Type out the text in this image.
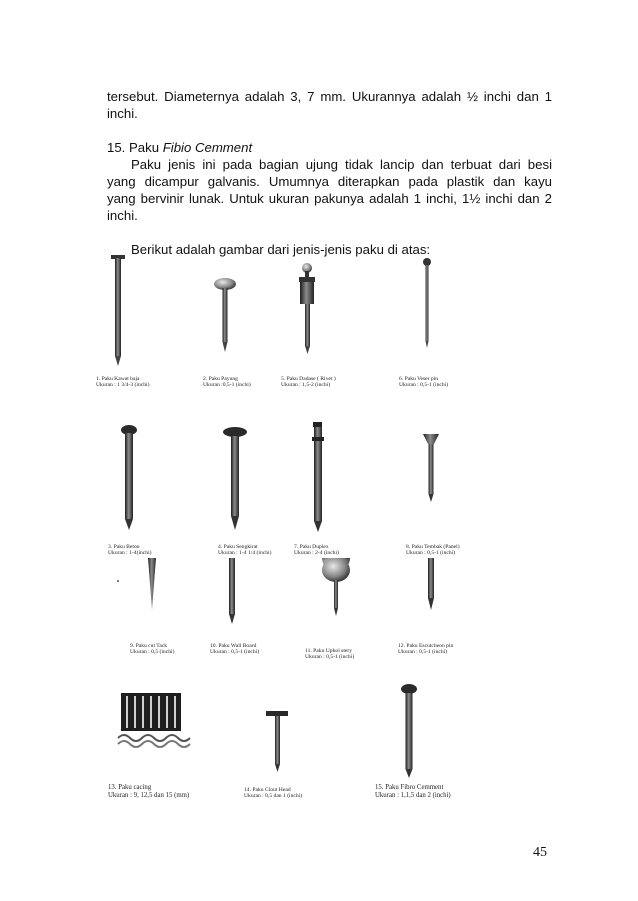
tersebut. Diameternya adalah 3, 7 mm. Ukurannya adalah ½ inchi dan 1

inchi.

15. Paku Fibio Cemment

Paku jenis ini pada bagian ujung tidak lancip dan terbuat dari besi

yang dicampur galvanis. Umumnya diterapkan pada plastik dan kayu

yang bervinir lunak. Untuk ukuran pakunya adalah 1 inchi, 1½ inchi dan 2

inchi.

Berikut adalah gambar dari jenis-jenis paku di atas:

1. Paku Kawat baja
Ukuran : 1 3/4-3 (inchi)
2. Paku Payung
Ukuran :0,5-1 (inchi)
5. Paku Dadase ( Rivet )
Ukuran : 1,5-2 (inchi)
6. Paku Veser pin
Ukuran : 0,5-1 (inchi)
3. Paku Beton
Ukuran : 1-4(inchi)
4. Paku Sengkirat
Ukuran : 1-4 1/4 (inchi)
7. Paku Duplex
Ukuran : 2-4 (inchi)
8. Paku Tembak (Panel)
Ukuran : 0,5-1 (inchi)
9. Paku cut Tack
Ukuran : 0,5 (inchi)
10. Paku Wall Board
Ukuran : 0,5-1 (inchi)	11. Paku Uphol stery
Ukuran : 0,5-1 (inchi)
12. Paku Escutcheon pin
Ukuran : 0,5-1 (inchi)
13. Paku cacing
Ukuran : 9, 12,5 dan 15 (mm)
14. Paku Clout Head
Ukuran : 0,5 dan 1 (inchi)
15. Paku Fibro Cemment
Ukuran : 1,1,5 dan 2 (inchi)
45
